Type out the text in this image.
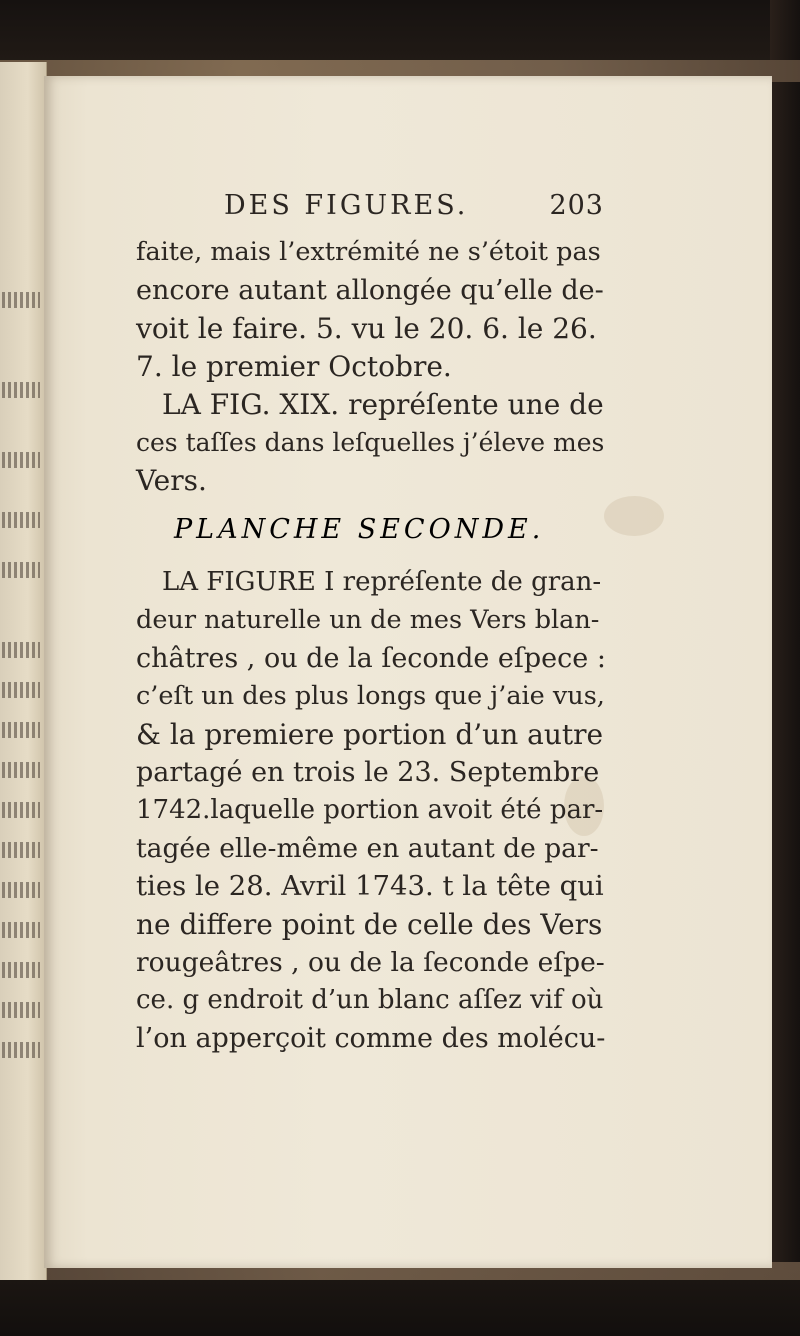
DES FIGURES.	203
faite, mais l’extrémité ne s’étoit pas
encore autant allongée qu’elle de-
voit le faire. 5. vu le 20. 6. le 26.
7. le premier Octobre.
LA FIG. XIX. repréſente une de
ces taſſes dans leſquelles j’éleve mes
Vers.
LA FIGURE I repréſente de gran-
deur naturelle un de mes Vers blan-
châtres , ou de la ſeconde eſpece :
c’eſt un des plus longs que j’aie vus,
& la premiere portion d’un autre
partagé en trois le 23. Septembre
1742.laquelle portion avoit été par-
tagée elle-même en autant de par-
ties le 28. Avril 1743. t la tête qui
ne differe point de celle des Vers
rougeâtres , ou de la ſeconde eſpe-
ce. g endroit d’un blanc aſſez vif où
l’on apperçoit comme des molécu-
PLANCHE SECONDE.
